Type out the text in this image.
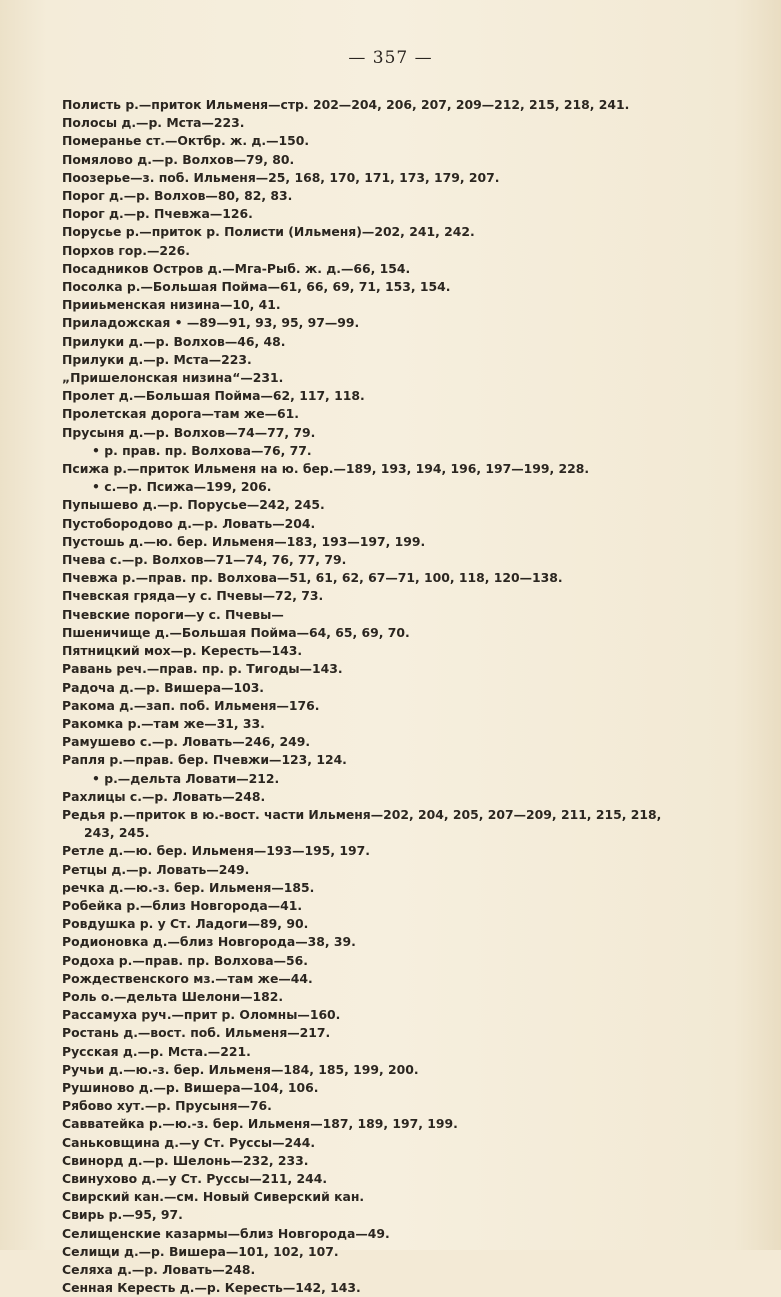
— 357 —
Полисть р.—приток Ильменя—стр. 202—204, 206, 207, 209—212, 215, 218, 241.
Полосы д.—р. Мста—223.
Померанье ст.—Октбр. ж. д.—150.
Помялово д.—р. Волхов—79, 80.
Поозерье—з. поб. Ильменя—25, 168, 170, 171, 173, 179, 207.
Порог д.—р. Волхов—80, 82, 83.
Порог д.—р. Пчевжа—126.
Порусье р.—приток р. Полисти (Ильменя)—202, 241, 242.
Порхов гор.—226.
Посадников Остров д.—Мга-Рыб. ж. д.—66, 154.
Посолка р.—Большая Пойма—61, 66, 69, 71, 153, 154.
Прииьменская низина—10, 41.
Приладожская • —89—91, 93, 95, 97—99.
Прилуки д.—р. Волхов—46, 48.
Прилуки д.—р. Мста—223.
„Пришелонская низина“—231.
Пролет д.—Большая Пойма—62, 117, 118.
Пролетская дорога—там же—61.
Прусыня д.—р. Волхов—74—77, 79.
• р. прав. пр. Волхова—76, 77.
Псижа р.—приток Ильменя на ю. бер.—189, 193, 194, 196, 197—199, 228.
• с.—р. Псижа—199, 206.
Пупышево д.—р. Порусье—242, 245.
Пустобородово д.—р. Ловать—204.
Пустошь д.—ю. бер. Ильменя—183, 193—197, 199.
Пчева с.—р. Волхов—71—74, 76, 77, 79.
Пчевжа р.—прав. пр. Волхова—51, 61, 62, 67—71, 100, 118, 120—138.
Пчевская гряда—у с. Пчевы—72, 73.
Пчевские пороги—у с. Пчевы—
Пшеничище д.—Большая Пойма—64, 65, 69, 70.
Пятницкий мох—р. Кересть—143.
Равань реч.—прав. пр. р. Тигоды—143.
Радоча д.—р. Вишера—103.
Ракома д.—зап. поб. Ильменя—176.
Ракомка р.—там же—31, 33.
Рамушево с.—р. Ловать—246, 249.
Рапля р.—прав. бер. Пчевжи—123, 124.
• р.—дельта Ловати—212.
Рахлицы с.—р. Ловать—248.
Редья р.—приток в ю.-вост. части Ильменя—202, 204, 205, 207—209, 211, 215, 218,
243, 245.
Ретле д.—ю. бер. Ильменя—193—195, 197.
Ретцы д.—р. Ловать—249.
речка д.—ю.-з. бер. Ильменя—185.
Робейка р.—близ Новгорода—41.
Ровдушка р. у Ст. Ладоги—89, 90.
Родионовка д.—близ Новгорода—38, 39.
Родоха р.—прав. пр. Волхова—56.
Рождественского мз.—там же—44.
Роль о.—дельта Шелони—182.
Рассамуха руч.—прит р. Оломны—160.
Ростань д.—вост. поб. Ильменя—217.
Русская д.—р. Мста.—221.
Ручьи д.—ю.-з. бер. Ильменя—184, 185, 199, 200.
Рушиново д.—р. Вишера—104, 106.
Рябово хут.—р. Прусыня—76.
Савватейка р.—ю.-з. бер. Ильменя—187, 189, 197, 199.
Саньковщина д.—у Ст. Руссы—244.
Свинорд д.—р. Шелонь—232, 233.
Свинухово д.—у Ст. Руссы—211, 244.
Свирский кан.—см. Новый Сиверский кан.
Свирь р.—95, 97.
Селищенские казармы—близ Новгорода—49.
Селищи д.—р. Вишера—101, 102, 107.
Селяха д.—р. Ловать—248.
Сенная Кересть д.—р. Кересть—142, 143.
